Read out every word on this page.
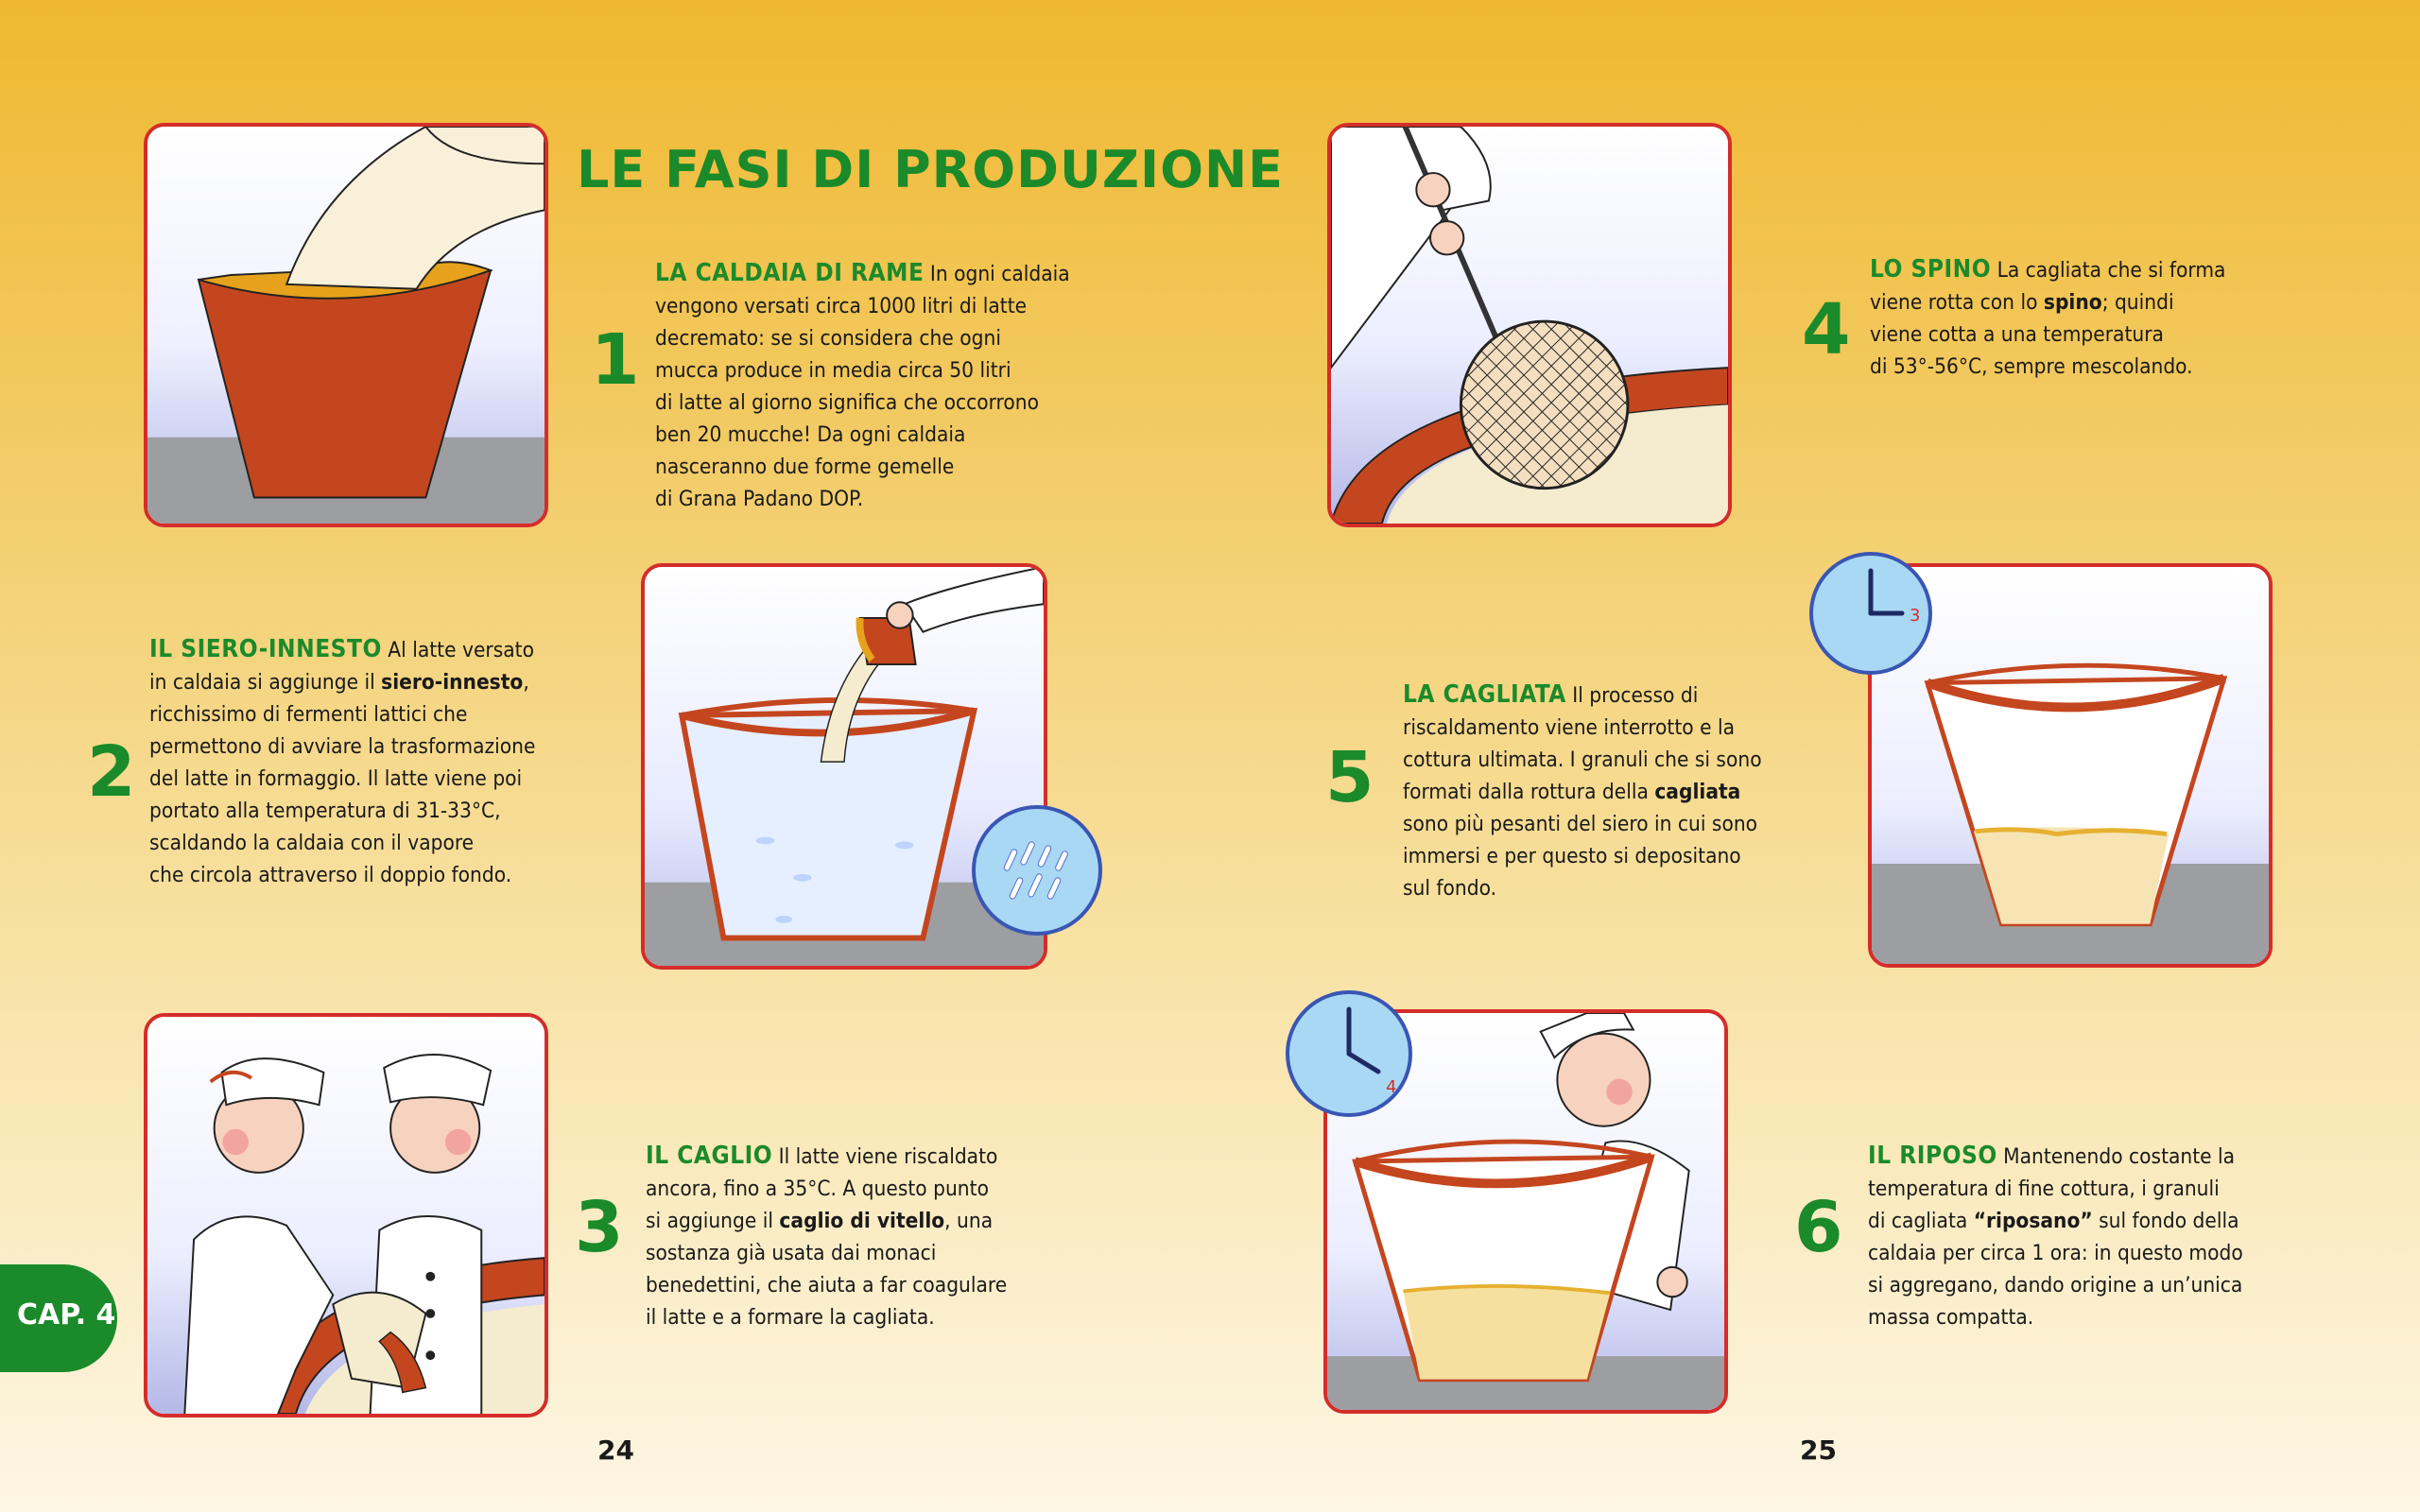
LE FASI DI PRODUZIONE
CAP. 4
24	25
1
LA CALDAIA DI RAME In ogni caldaia
vengono versati circa 1000 litri di latte
decremato: se si considera che ogni
mucca produce in media circa 50 litri
di latte al giorno significa che occorrono
ben 20 mucche! Da ogni caldaia
nasceranno due forme gemelle
di Grana Padano DOP.
2
IL SIERO-INNESTO Al latte versato
in caldaia si aggiunge il siero-innesto,
ricchissimo di fermenti lattici che
permettono di avviare la trasformazione
del latte in formaggio. Il latte viene poi
portato alla temperatura di 31-33°C,
scaldando la caldaia con il vapore
che circola attraverso il doppio fondo.
3
IL CAGLIO Il latte viene riscaldato
ancora, fino a 35°C. A questo punto
si aggiunge il caglio di vitello, una
sostanza già usata dai monaci
benedettini, che aiuta a far coagulare
il latte e a formare la cagliata.
4
LO SPINO La cagliata che si forma
viene rotta con lo spino; quindi
viene cotta a una temperatura
di 53°-56°C, sempre mescolando.
3
5
LA CAGLIATA Il processo di
riscaldamento viene interrotto e la
cottura ultimata. I granuli che si sono
formati dalla rottura della cagliata
sono più pesanti del siero in cui sono
immersi e per questo si depositano
sul fondo.
4
6
IL RIPOSO Mantenendo costante la
temperatura di fine cottura, i granuli
di cagliata “riposano” sul fondo della
caldaia per circa 1 ora: in questo modo
si aggregano, dando origine a un’unica
massa compatta.
